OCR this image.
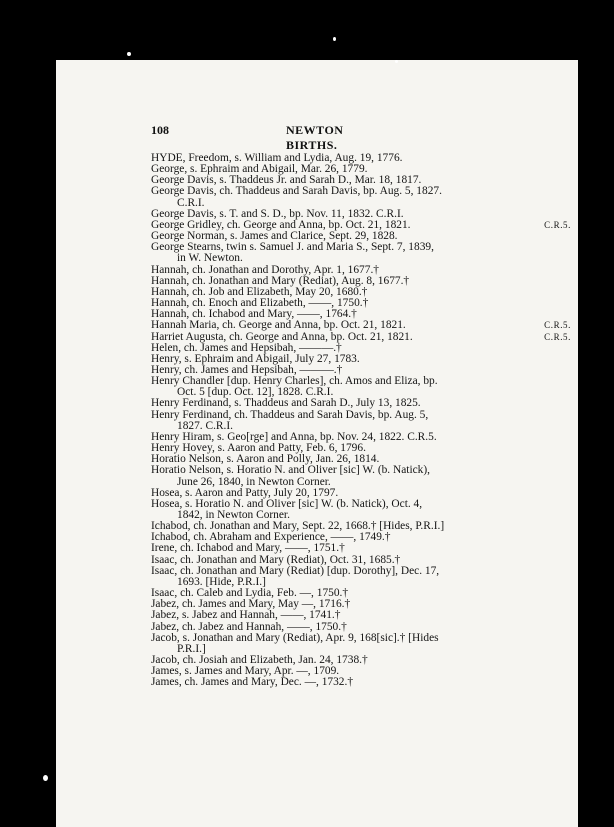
108	NEWTON BIRTHS.
HYDE, Freedom, s. William and Lydia, Aug. 19, 1776.
George, s. Ephraim and Abigail, Mar. 26, 1779.
George Davis, s. Thaddeus Jr. and Sarah D., Mar. 18, 1817.
George Davis, ch. Thaddeus and Sarah Davis, bp. Aug. 5, 1827.
C.R.I.
George Davis, s. T. and S. D., bp. Nov. 11, 1832. C.R.I.
George Gridley, ch. George and Anna, bp. Oct. 21, 1821.	C.R.5.
George Norman, s. James and Clarice, Sept. 29, 1828.
George Stearns, twin s. Samuel J. and Maria S., Sept. 7, 1839,
in W. Newton.
Hannah, ch. Jonathan and Dorothy, Apr. 1, 1677.†
Hannah, ch. Jonathan and Mary (Rediat), Aug. 8, 1677.†
Hannah, ch. Job and Elizabeth, May 20, 1680.†
Hannah, ch. Enoch and Elizabeth, ——, 1750.†
Hannah, ch. Ichabod and Mary, ——, 1764.†
Hannah Maria, ch. George and Anna, bp. Oct. 21, 1821.	C.R.5.
Harriet Augusta, ch. George and Anna, bp. Oct. 21, 1821.	C.R.5.
Helen, ch. James and Hepsibah, ———.†
Henry, s. Ephraim and Abigail, July 27, 1783.
Henry, ch. James and Hepsibah, ———.†
Henry Chandler [dup. Henry Charles], ch. Amos and Eliza, bp.
Oct. 5 [dup. Oct. 12], 1828. C.R.I.
Henry Ferdinand, s. Thaddeus and Sarah D., July 13, 1825.
Henry Ferdinand, ch. Thaddeus and Sarah Davis, bp. Aug. 5,
1827. C.R.I.
Henry Hiram, s. Geo[rge] and Anna, bp. Nov. 24, 1822. C.R.5.
Henry Hovey, s. Aaron and Patty, Feb. 6, 1796.
Horatio Nelson, s. Aaron and Polly, Jan. 26, 1814.
Horatio Nelson, s. Horatio N. and Oliver [sic] W. (b. Natick),
June 26, 1840, in Newton Corner.
Hosea, s. Aaron and Patty, July 20, 1797.
Hosea, s. Horatio N. and Oliver [sic] W. (b. Natick), Oct. 4,
1842, in Newton Corner.
Ichabod, ch. Jonathan and Mary, Sept. 22, 1668.† [Hides, P.R.I.]
Ichabod, ch. Abraham and Experience, ——, 1749.†
Irene, ch. Ichabod and Mary, ——, 1751.†
Isaac, ch. Jonathan and Mary (Rediat), Oct. 31, 1685.†
Isaac, ch. Jonathan and Mary (Rediat) [dup. Dorothy], Dec. 17,
1693. [Hide, P.R.I.]
Isaac, ch. Caleb and Lydia, Feb. —, 1750.†
Jabez, ch. James and Mary, May —, 1716.†
Jabez, s. Jabez and Hannah, ——, 1741.†
Jabez, ch. Jabez and Hannah, ——, 1750.†
Jacob, s. Jonathan and Mary (Rediat), Apr. 9, 168[sic].† [Hides
P.R.I.]
Jacob, ch. Josiah and Elizabeth, Jan. 24, 1738.†
James, s. James and Mary, Apr. —, 1709.
James, ch. James and Mary, Dec. —, 1732.†
